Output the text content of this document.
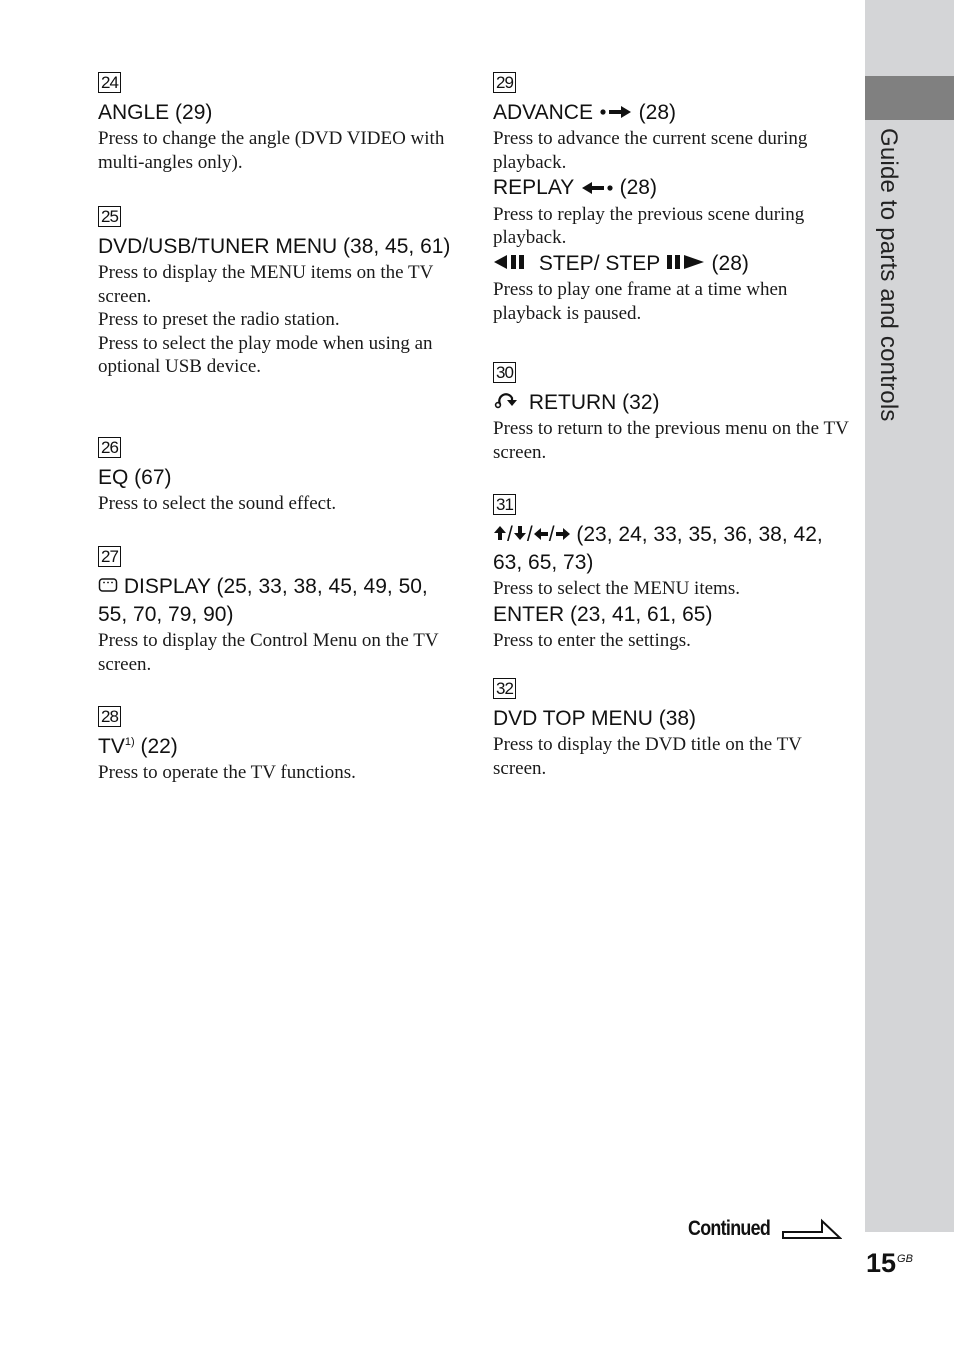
Guide to parts and controls
24
ANGLE (29)
Press to change the angle (DVD VIDEO with multi-angles only).
25
DVD/USB/TUNER MENU (38, 45, 61)
Press to display the MENU items on the TV screen.
Press to preset the radio station.
Press to select the play mode when using an optional USB device.
26
EQ (67)
Press to select the sound effect.
27
DISPLAY (25, 33, 38, 45, 49, 50, 55, 70, 79, 90)
Press to display the Control Menu on the TV screen.
28
TV$^{1)}$ (22)
Press to operate the TV functions.
29
ADVANCE (28)
Press to advance the current scene during playback.
REPLAY (28)
Press to replay the previous scene during playback.
STEP/ STEP (28)
Press to play one frame at a time when playback is paused.
30
RETURN (32)
Press to return to the previous menu on the TV screen.
31
/ / / (23, 24, 33, 35, 36, 38, 42, 63, 65, 73)
Press to select the MENU items.
ENTER (23, 41, 61, 65)
Press to enter the settings.
32
DVD TOP MENU (38)
Press to display the DVD title on the TV screen.
Continued
$15^{GB}$
